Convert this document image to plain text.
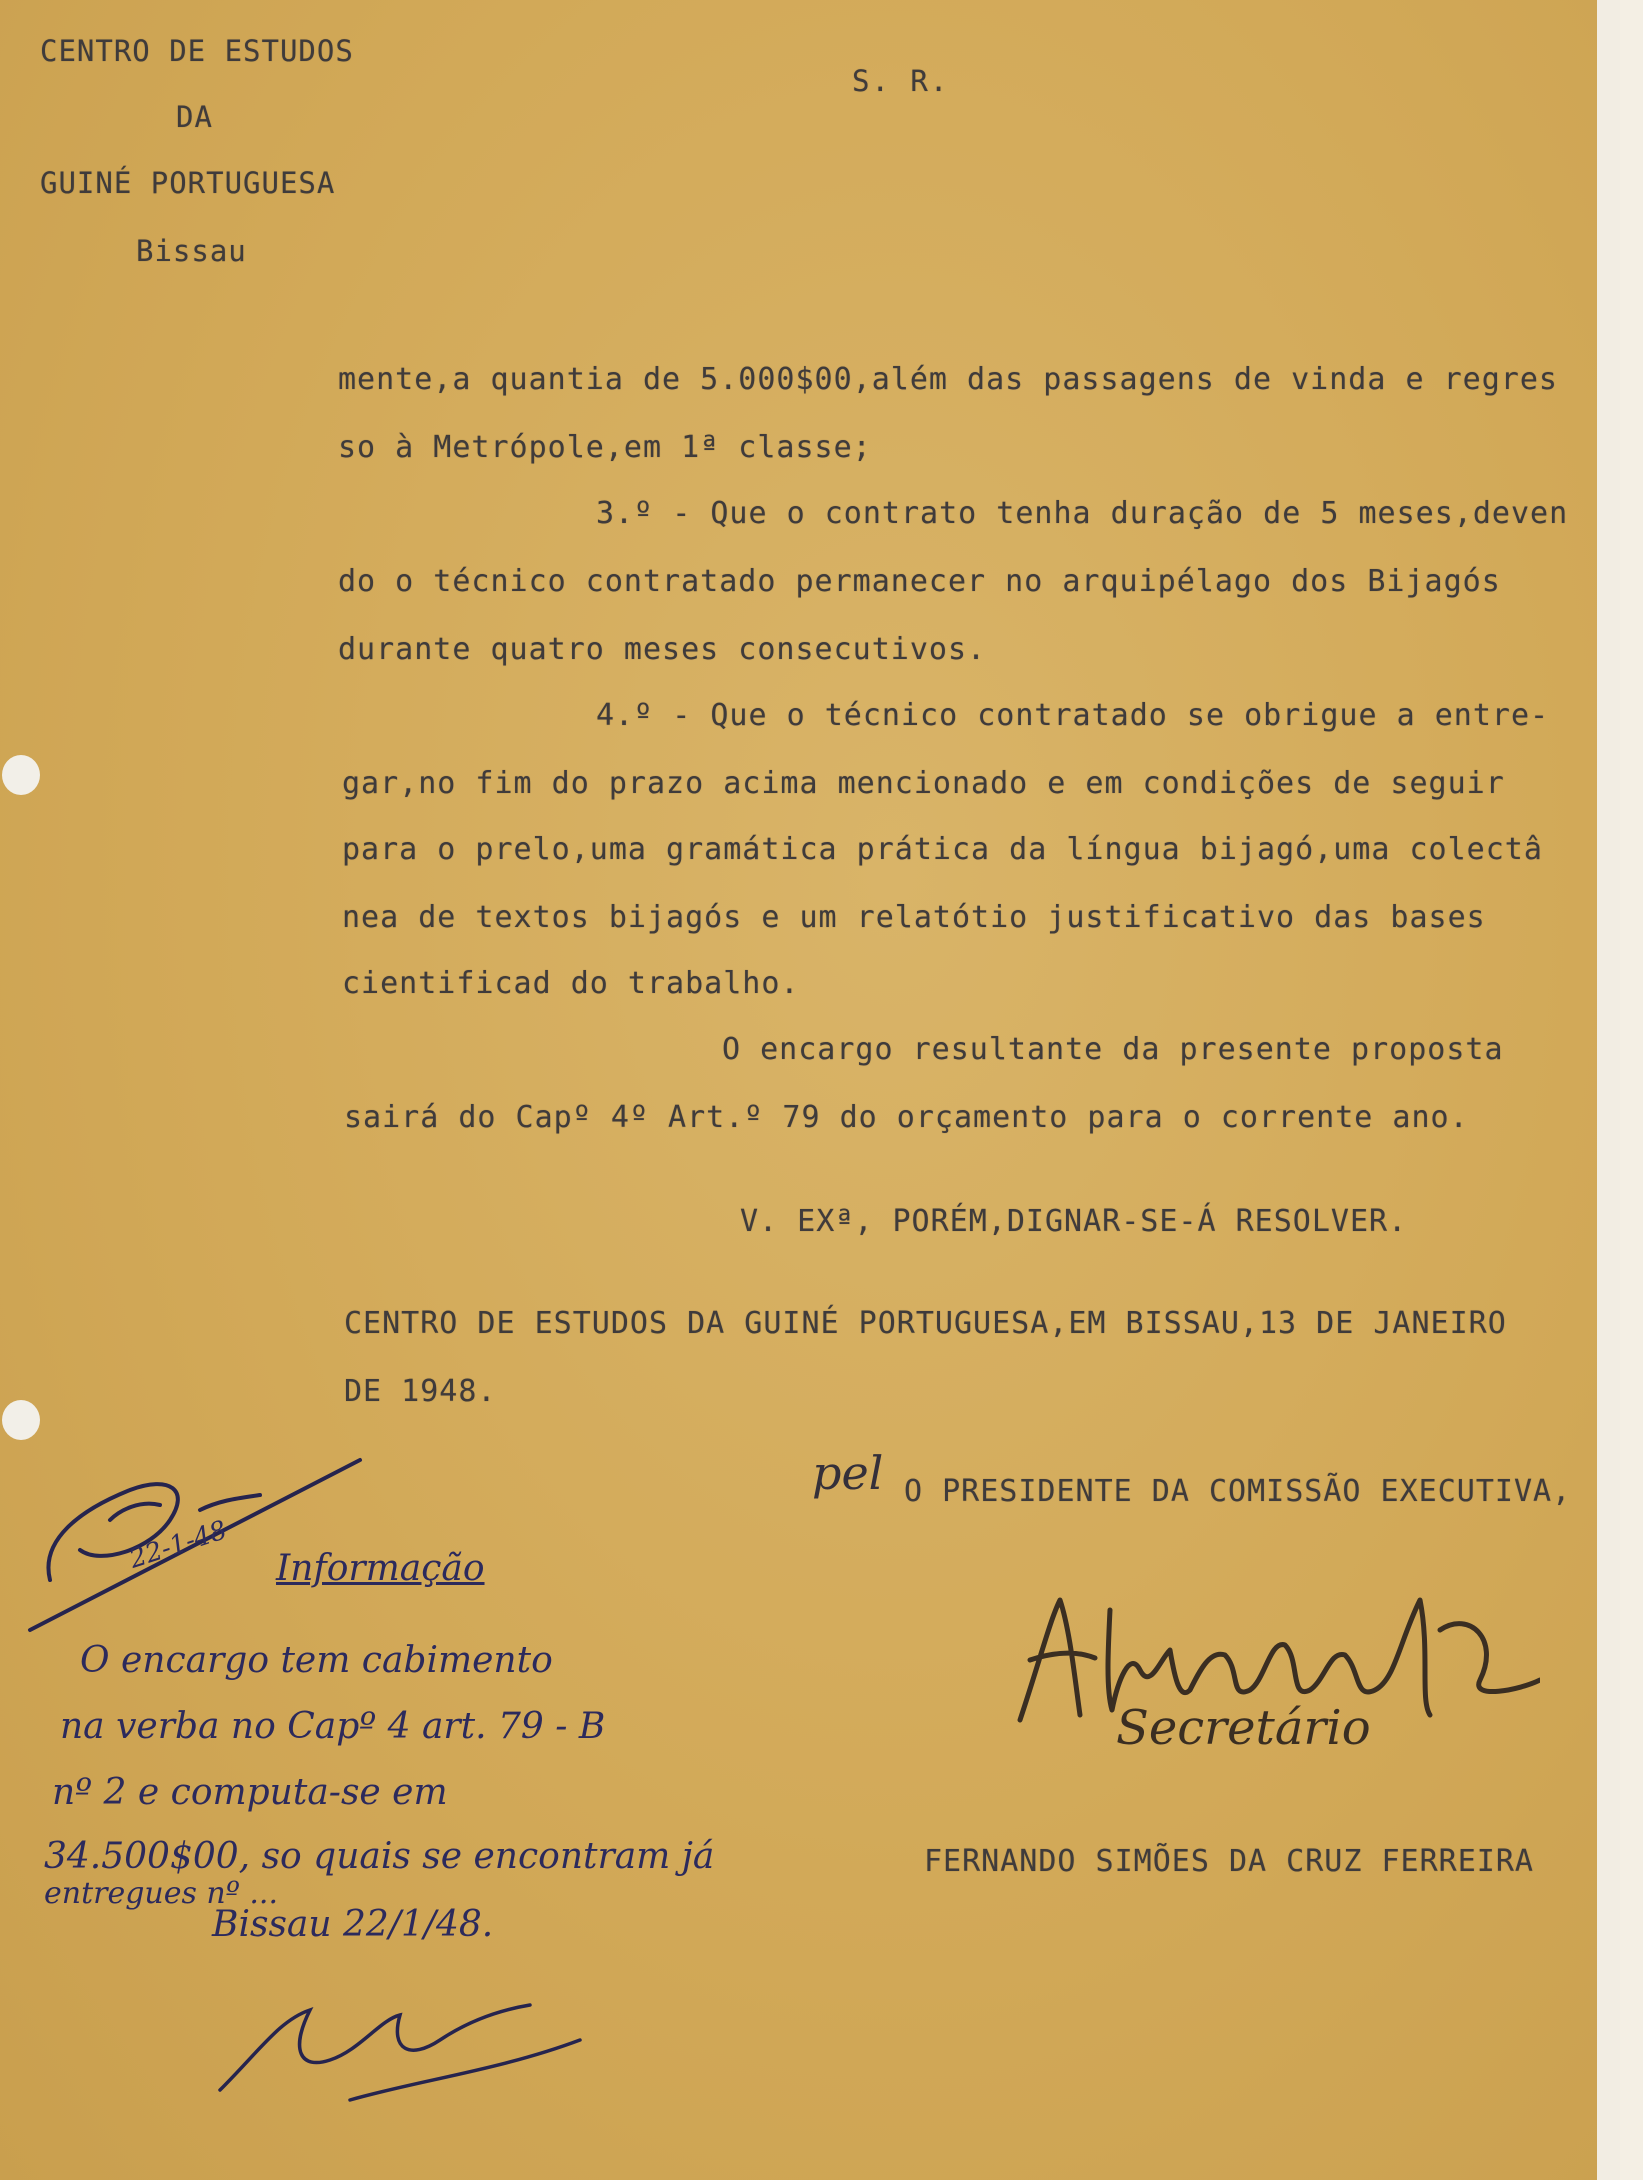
CENTRO DE ESTUDOS
DA
GUINÉ PORTUGUESA
Bissau
S. R.
mente,a quantia de 5.000$00,além das passagens de vinda e regres
so à Metrópole,em 1ª classe;
3.º - Que o contrato tenha duração de 5 meses,deven
do o técnico contratado permanecer no arquipélago dos Bijagós
durante quatro meses consecutivos.
4.º - Que o técnico contratado se obrigue a entre-
gar,no fim do prazo acima mencionado e em condições de seguir
para o prelo,uma gramática prática da língua bijagó,uma colectâ
nea de textos bijagós e um relatótio justificativo das bases
cientificad do trabalho.
O encargo resultante da presente proposta
sairá do Capº 4º Art.º 79 do orçamento para o corrente ano.
V. EXª, PORÉM,DIGNAR-SE-Á RESOLVER.
CENTRO DE ESTUDOS DA GUINÉ PORTUGUESA,EM BISSAU,13 DE JANEIRO
DE 1948.
pel O PRESIDENTE DA COMISSÃO EXECUTIVA,
Secretário
FERNANDO SIMÕES DA CRUZ FERREIRA
22-1-48 Informação
O encargo tem cabimento
na verba no Capº 4 art. 79 - B
nº 2 e computa-se em
34.500$00, so quais se encontram já
entregues nº ...
Bissau 22/1/48.
